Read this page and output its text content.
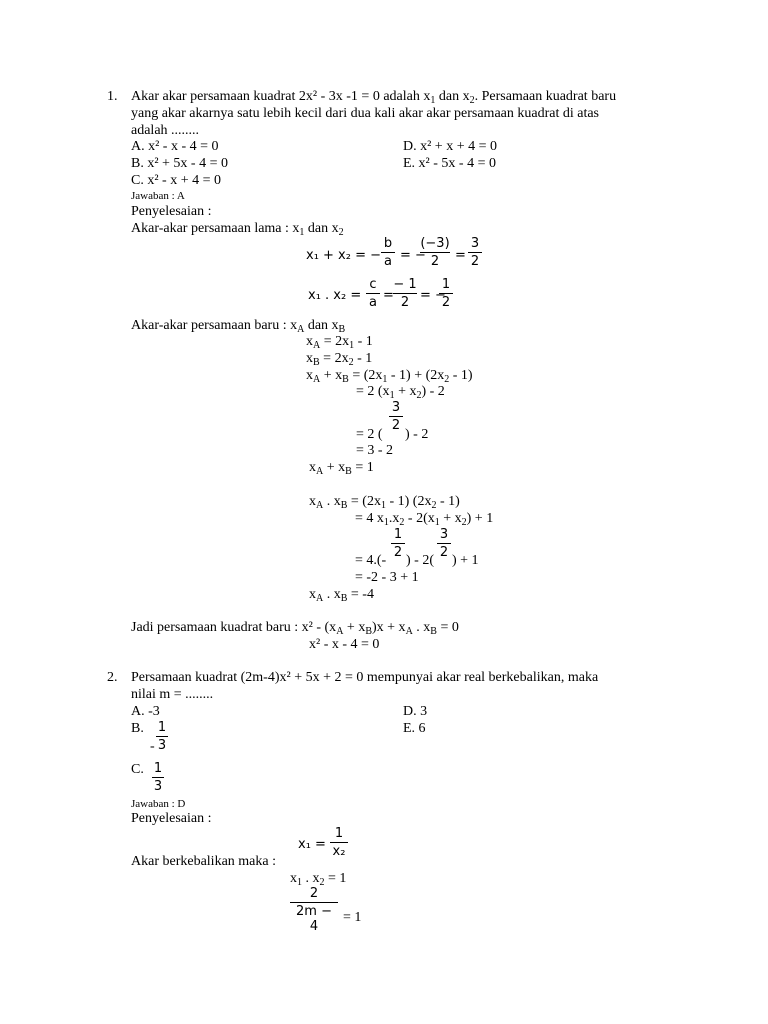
1. Akar akar persamaan kuadrat 2x² - 3x -1 = 0 adalah $x_1$ dan $x_2$. Persamaan kuadrat baru
yang akar akarnya satu lebih kecil dari dua kali akar akar persamaan kuadrat di atas
adalah ........
A. x² - x - 4 = 0	D. x² + x + 4 = 0
B. x² + 5x - 4 = 0	E. x² - 5x - 4 = 0
C. x² - x + 4 = 0
Jawaban : A
Penyelesaian :
Akar-akar persamaan lama : $x_1$ dan $x_2$
x₁ + x₂ = −
b
a = −
(−3)
2	=
3
2
x₁ . x₂ =
c
a =
− 1
2 = −
1
2
Akar-akar persamaan baru : $x_A$ dan $x_B$
$x_A = 2x_1 - 1$
$x_B = 2x_2 - 1$
$x_A + x_B = (2x_1 - 1) + (2x_2 - 1)$
= 2 $(x_1 + x_2) - 2$
3
2
= 2 ( ) - 2
= 3 - 2
$x_A + x_B = 1$
$x_A$ . $x_B = (2x_1 - 1)$ $(2x_2 - 1)$
= 4 $x_1.x_2 - 2(x_1 + x_2) + 1$
1
2
3
2
= 4.(- ) - 2( ) + 1
= -2 - 3 + 1
$x_A$ . $x_B = -4$
Jadi persamaan kuadrat baru : $x^2 - (x_A + x_B)x + x_A$ . $x_B = 0$
x² - x - 4 = 0
2. Persamaan kuadrat (2m-4)x² + 5x + 2 = 0 mempunyai akar real berkebalikan, maka
nilai m = ........
A. -3	D. 3
B.
-
1
3
E. 6
C. 1
3
Jawaban : D
Penyelesaian :
x₁ =
1
x₂
Akar berkebalikan maka :
$x_1$ . $x_2 = 1$
2
2m − 4
= 1
